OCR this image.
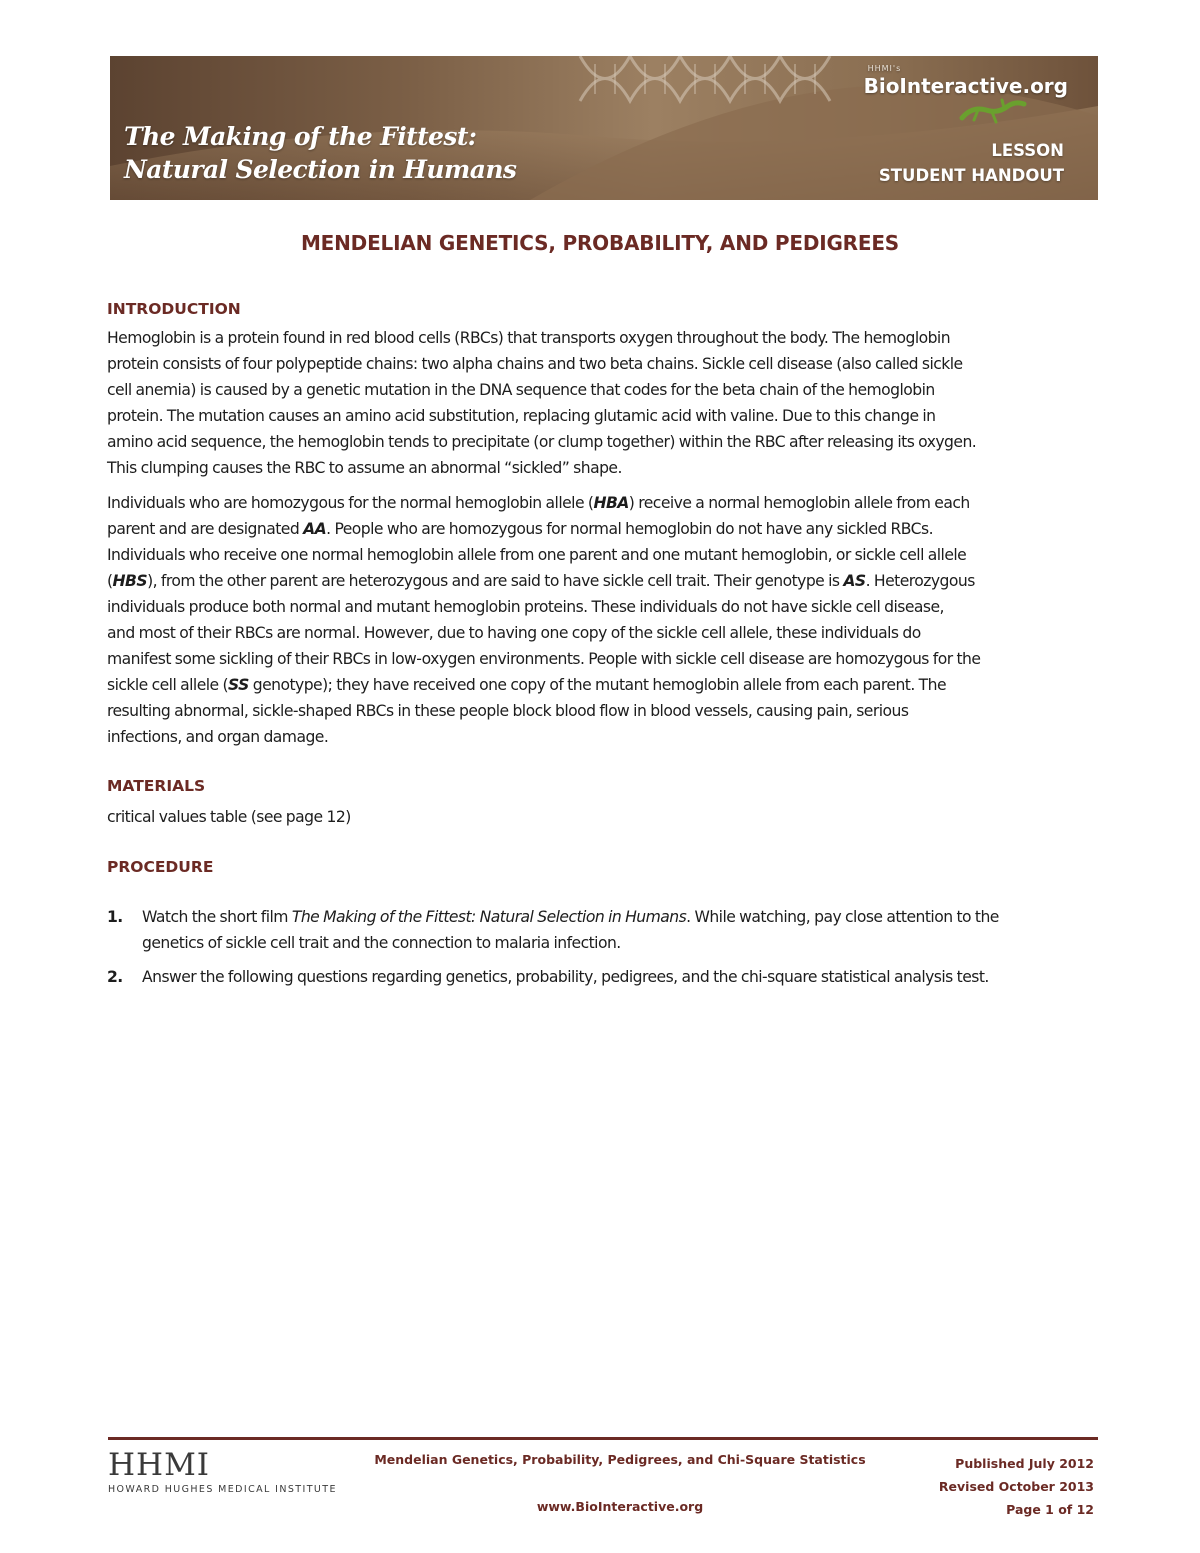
The Making of the Fittest:
Natural Selection in Humans
HHMI's
BioInteractive.org
LESSON
STUDENT HANDOUT
MENDELIAN GENETICS, PROBABILITY, AND PEDIGREES
INTRODUCTION
Hemoglobin is a protein found in red blood cells (RBCs) that transports oxygen throughout the body. The hemoglobin
protein consists of four polypeptide chains: two alpha chains and two beta chains. Sickle cell disease (also called sickle
cell anemia) is caused by a genetic mutation in the DNA sequence that codes for the beta chain of the hemoglobin
protein. The mutation causes an amino acid substitution, replacing glutamic acid with valine. Due to this change in
amino acid sequence, the hemoglobin tends to precipitate (or clump together) within the RBC after releasing its oxygen.
This clumping causes the RBC to assume an abnormal “sickled” shape.
Individuals who are homozygous for the normal hemoglobin allele (HBA) receive a normal hemoglobin allele from each
parent and are designated AA. People who are homozygous for normal hemoglobin do not have any sickled RBCs.
Individuals who receive one normal hemoglobin allele from one parent and one mutant hemoglobin, or sickle cell allele
(HBS), from the other parent are heterozygous and are said to have sickle cell trait. Their genotype is AS. Heterozygous
individuals produce both normal and mutant hemoglobin proteins. These individuals do not have sickle cell disease,
and most of their RBCs are normal. However, due to having one copy of the sickle cell allele, these individuals do
manifest some sickling of their RBCs in low-oxygen environments. People with sickle cell disease are homozygous for the
sickle cell allele (SS genotype); they have received one copy of the mutant hemoglobin allele from each parent. The
resulting abnormal, sickle-shaped RBCs in these people block blood flow in blood vessels, causing pain, serious
infections, and organ damage.
MATERIALS
critical values table (see page 12)
PROCEDURE
1. Watch the short film The Making of the Fittest: Natural Selection in Humans. While watching, pay close attention to the
genetics of sickle cell trait and the connection to malaria infection.
2. Answer the following questions regarding genetics, probability, pedigrees, and the chi-square statistical analysis test.
HHMI
HOWARD HUGHES MEDICAL INSTITUTE
Mendelian Genetics, Probability, Pedigrees, and Chi-Square Statistics
www.BioInteractive.org
Published July 2012
Revised October 2013
Page 1 of 12
